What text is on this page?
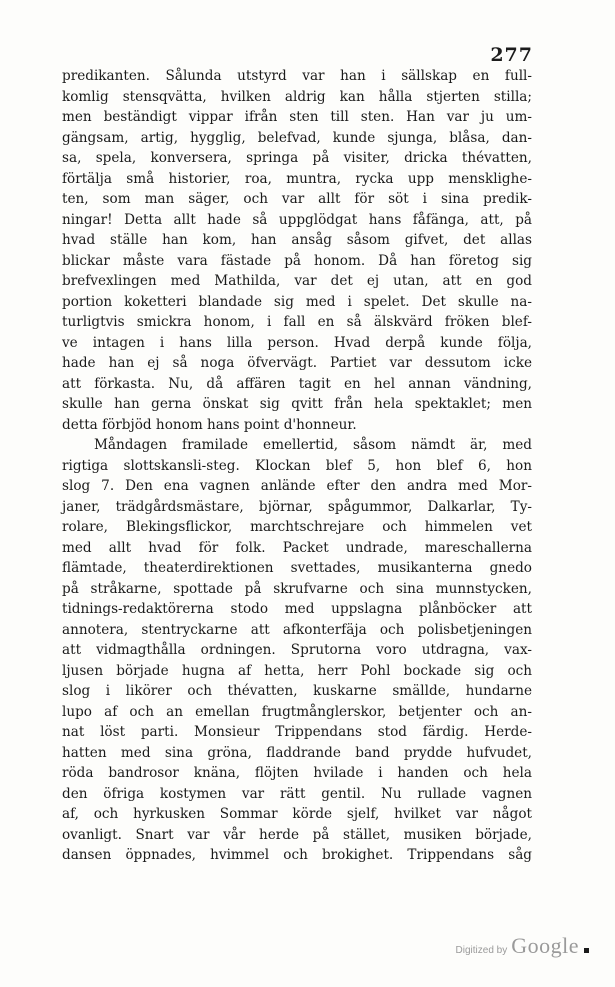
277
predikanten. Sålunda utstyrd var han i sällskap en full-
komlig stensqvätta, hvilken aldrig kan hålla stjerten stilla;
men beständigt vippar ifrån sten till sten. Han var ju um-
gängsam, artig, hygglig, belefvad, kunde sjunga, blåsa, dan-
sa, spela, konversera, springa på visiter, dricka thévatten,
förtälja små historier, roa, muntra, rycka upp mensklighe-
ten, som man säger, och var allt för söt i sina predik-
ningar! Detta allt hade så uppglödgat hans fåfänga, att, på
hvad ställe han kom, han ansåg såsom gifvet, det allas
blickar måste vara fästade på honom. Då han företog sig
brefvexlingen med Mathilda, var det ej utan, att en god
portion koketteri blandade sig med i spelet. Det skulle na-
turligtvis smickra honom, i fall en så älskvärd fröken blef-
ve intagen i hans lilla person. Hvad derpå kunde följa,
hade han ej så noga öfvervägt. Partiet var dessutom icke
att förkasta. Nu, då affären tagit en hel annan vändning,
skulle han gerna önskat sig qvitt från hela spektaklet; men
detta förbjöd honom hans point d'honneur.
Måndagen framilade emellertid, såsom nämdt är, med
rigtiga slottskansli-steg. Klockan blef 5, hon blef 6, hon
slog 7. Den ena vagnen anlände efter den andra med Mor-
janer, trädgårdsmästare, björnar, spågummor, Dalkarlar, Ty-
rolare, Blekingsflickor, marchtschrejare och himmelen vet
med allt hvad för folk. Packet undrade, mareschallerna
flämtade, theaterdirektionen svettades, musikanterna gnedo
på stråkarne, spottade på skrufvarne och sina munnstycken,
tidnings-redaktörerna stodo med uppslagna plånböcker att
annotera, stentryckarne att afkonterfäja och polisbetjeningen
att vidmagthålla ordningen. Sprutorna voro utdragna, vax-
ljusen började hugna af hetta, herr Pohl bockade sig och
slog i likörer och thévatten, kuskarne smällde, hundarne
lupo af och an emellan frugtmånglerskor, betjenter och an-
nat löst parti. Monsieur Trippendans stod färdig. Herde-
hatten med sina gröna, fladdrande band prydde hufvudet,
röda bandrosor knäna, flöjten hvilade i handen och hela
den öfriga kostymen var rätt gentil. Nu rullade vagnen
af, och hyrkusken Sommar körde sjelf, hvilket var något
ovanligt. Snart var vår herde på stället, musiken började,
dansen öppnades, hvimmel och brokighet. Trippendans såg
Digitized by Google
